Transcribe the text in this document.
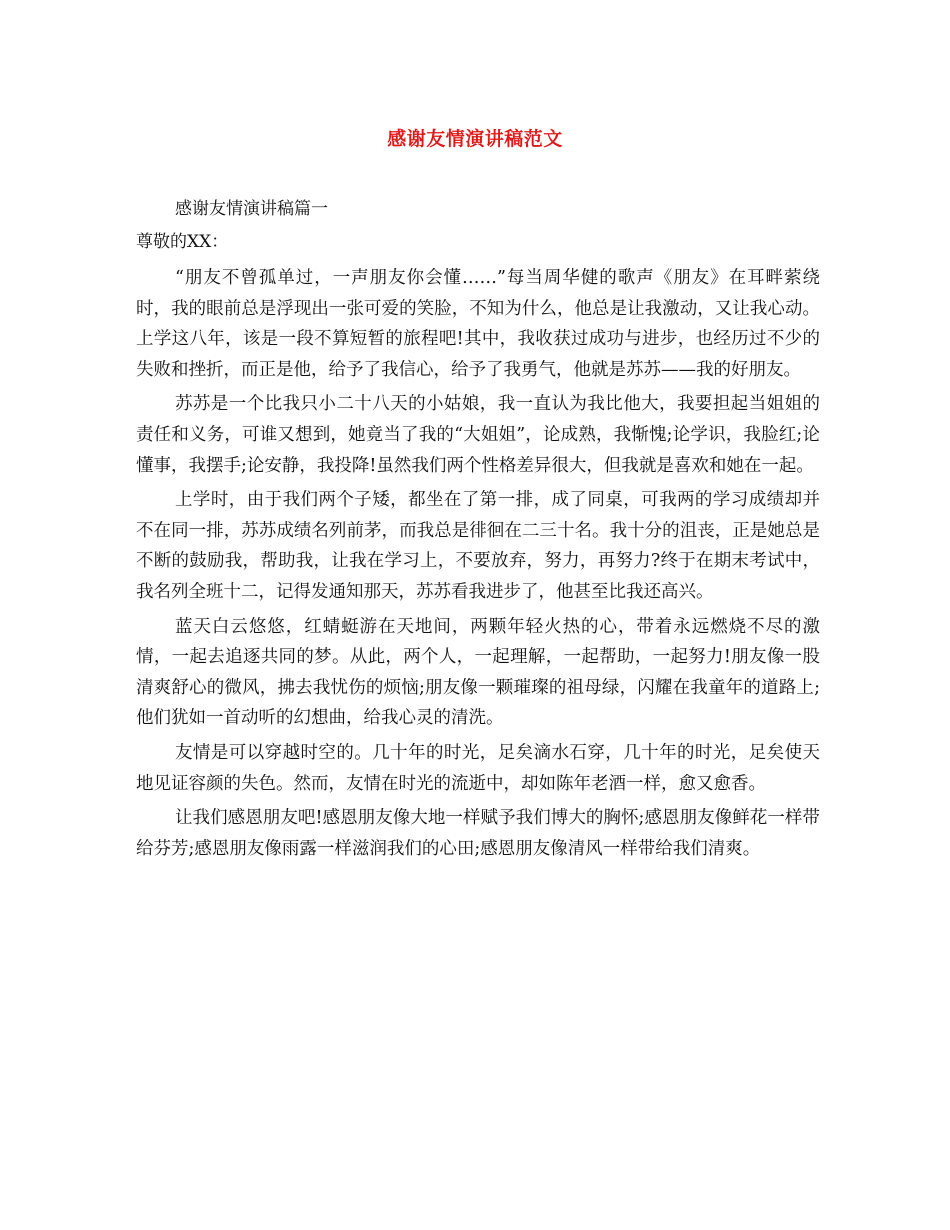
感谢友情演讲稿范文
感谢友情演讲稿篇一
尊敬的XX：

“朋友不曾孤单过，一声朋友你会懂……”每当周华健的歌声《朋友》在耳畔萦绕时，我的眼前总是浮现出一张可爱的笑脸，不知为什么，他总是让我激动，又让我心动。上学这八年，该是一段不算短暂的旅程吧!其中，我收获过成功与进步，也经历过不少的失败和挫折，而正是他，给予了我信心，给予了我勇气，他就是苏苏——我的好朋友。

苏苏是一个比我只小二十八天的小姑娘，我一直认为我比他大，我要担起当姐姐的责任和义务，可谁又想到，她竟当了我的“大姐姐”，论成熟，我惭愧;论学识，我脸红;论懂事，我摆手;论安静，我投降!虽然我们两个性格差异很大，但我就是喜欢和她在一起。

上学时，由于我们两个子矮，都坐在了第一排，成了同桌，可我两的学习成绩却并不在同一排，苏苏成绩名列前茅，而我总是徘徊在二三十名。我十分的沮丧，正是她总是不断的鼓励我，帮助我，让我在学习上，不要放弃，努力，再努力?终于在期末考试中，我名列全班十二，记得发通知那天，苏苏看我进步了，他甚至比我还高兴。

蓝天白云悠悠，红蜻蜓游在天地间，两颗年轻火热的心，带着永远燃烧不尽的激情，一起去追逐共同的梦。从此，两个人，一起理解，一起帮助，一起努力!朋友像一股清爽舒心的微风，拂去我忧伤的烦恼;朋友像一颗璀璨的祖母绿，闪耀在我童年的道路上;他们犹如一首动听的幻想曲，给我心灵的清洗。

友情是可以穿越时空的。几十年的时光，足矣滴水石穿，几十年的时光，足矣使天地见证容颜的失色。然而，友情在时光的流逝中，却如陈年老酒一样，愈又愈香。

让我们感恩朋友吧!感恩朋友像大地一样赋予我们博大的胸怀;感恩朋友像鲜花一样带给芬芳;感恩朋友像雨露一样滋润我们的心田;感恩朋友像清风一样带给我们清爽。
